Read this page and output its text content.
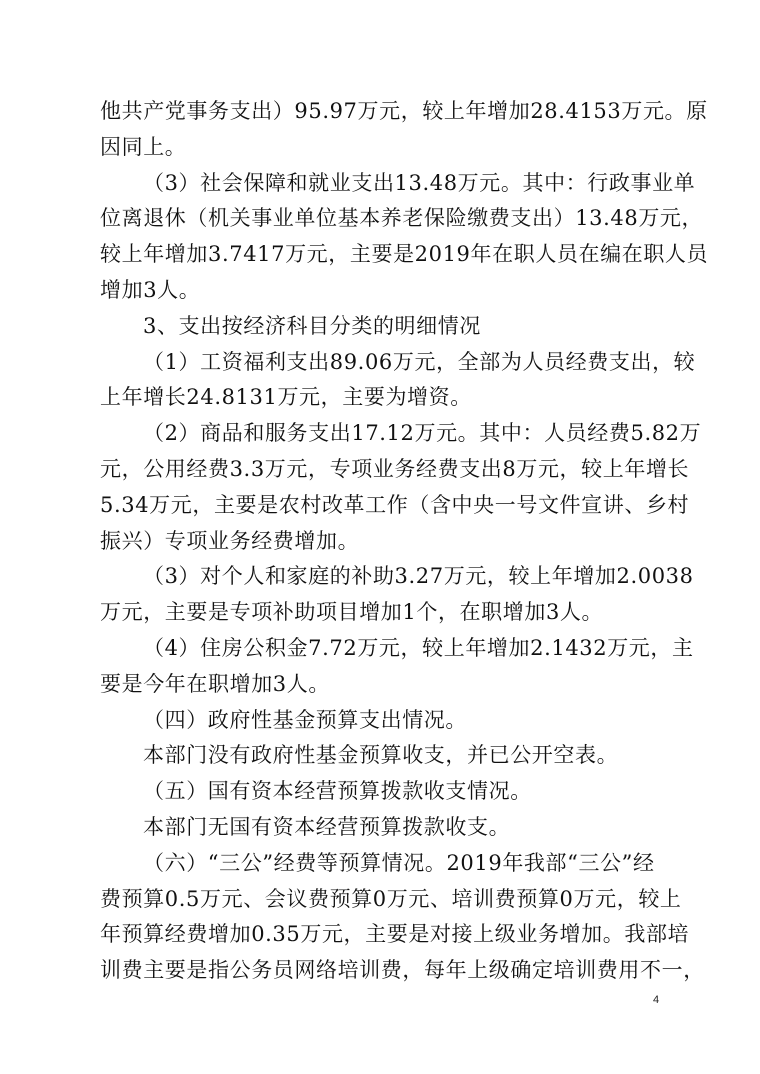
他共产党事务支出）95.97万元，较上年增加28.4153万元。原
因同上。
（3）社会保障和就业支出13.48万元。其中：行政事业单
位离退休（机关事业单位基本养老保险缴费支出）13.48万元，
较上年增加3.7417万元，主要是2019年在职人员在编在职人员
增加3人。
3、支出按经济科目分类的明细情况
（1）工资福利支出89.06万元，全部为人员经费支出，较
上年增长24.8131万元，主要为增资。
（2）商品和服务支出17.12万元。其中：人员经费5.82万
元，公用经费3.3万元，专项业务经费支出8万元，较上年增长
5.34万元，主要是农村改革工作（含中央一号文件宣讲、乡村
振兴）专项业务经费增加。
（3）对个人和家庭的补助3.27万元，较上年增加2.0038
万元，主要是专项补助项目增加1个，在职增加3人。
（4）住房公积金7.72万元，较上年增加2.1432万元，主
要是今年在职增加3人。
（四）政府性基金预算支出情况。
本部门没有政府性基金预算收支，并已公开空表。
（五）国有资本经营预算拨款收支情况。
本部门无国有资本经营预算拨款收支。
（六）“三公”经费等预算情况。2019年我部“三公”经
费预算0.5万元、会议费预算0万元、培训费预算0万元，较上
年预算经费增加0.35万元，主要是对接上级业务增加。我部培
训费主要是指公务员网络培训费，每年上级确定培训费用不一，
4
